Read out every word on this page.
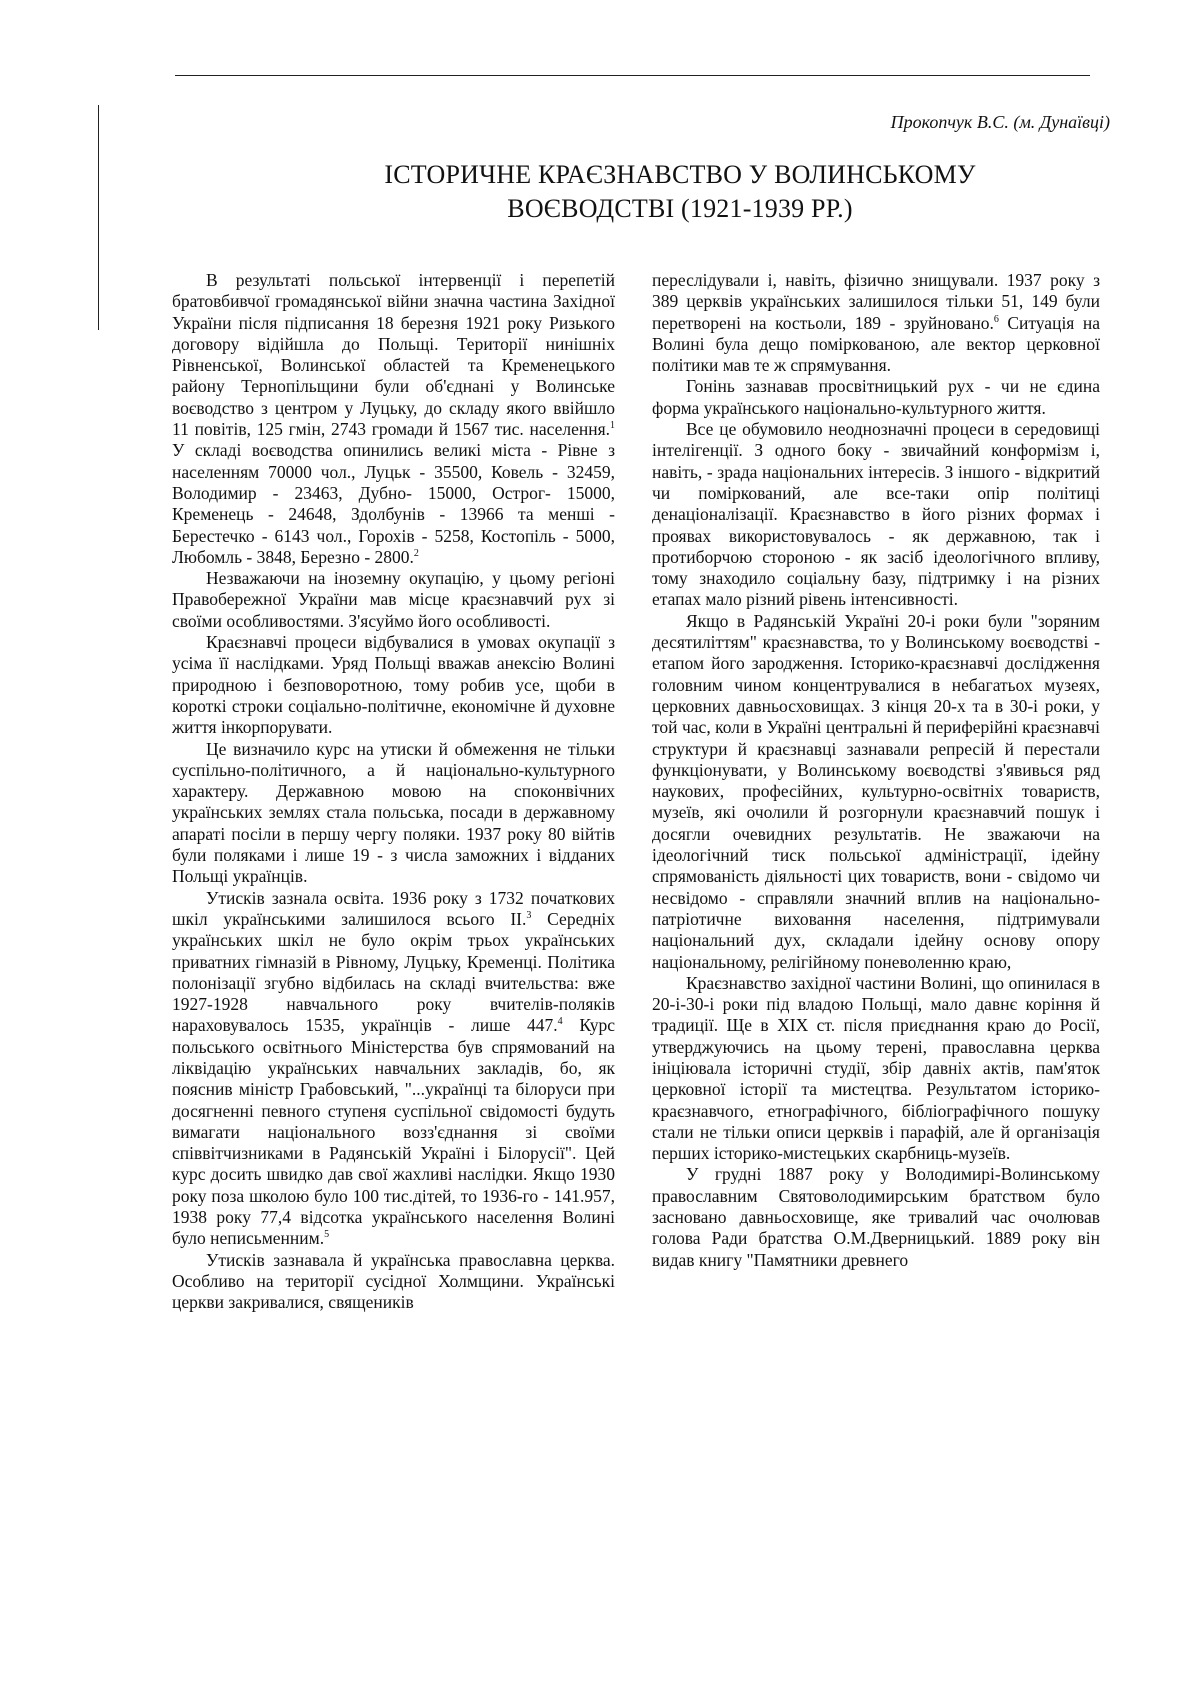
Прокопчук В.С. (м. Дунаївці)
ІСТОРИЧНЕ КРАЄЗНАВСТВО У ВОЛИНСЬКОМУ
ВОЄВОДСТВІ (1921-1939 РР.)

В результаті польської інтервенції і перепетій братовбивчої громадянської війни значна частина Західної України після підписання 18 березня 1921 року Ризького договору відійшла до Польщі. Території нинішніх Рівненської, Волинської областей та Кременецького району Тернопільщини були об'єднані у Волинське воєводство з центром у Луцьку, до складу якого ввійшло 11 повітів, 125 гмін, 2743 громади й 1567 тис. населення.$^1$ У складі воєводства опинились великі міста - Рівне з населенням 70000 чол., Луцьк - 35500, Ковель - 32459, Володимир - 23463, Дубно- 15000, Острог- 15000, Кременець - 24648, Здолбунів - 13966 та менші - Берестечко - 6143 чол., Горохів - 5258, Костопіль - 5000, Любомль - 3848, Березно - 2800.$^2$

Незважаючи на іноземну окупацію, у цьому регіоні Правобережної України мав місце краєзнавчий рух зі своїми особливостями. З'ясуймо його особливості.

Краєзнавчі процеси відбувалися в умовах окупації з усіма її наслідками. Уряд Польщі вважав анексію Волині природною і безповоротною, тому робив усе, щоби в короткі строки соціально-політичне, економічне й духовне життя інкорпорувати.

Це визначило курс на утиски й обмеження не тільки суспільно-політичного, а й національно-культурного характеру. Державною мовою на споконвічних українських землях стала польська, посади в державному апараті посіли в першу чергу поляки. 1937 року 80 війтів були поляками і лише 19 - з числа заможних і відданих Польщі українців.

Утисків зазнала освіта. 1936 року з 1732 початкових шкіл українськими залишилося всього ІІ.$^3$ Середніх українських шкіл не було окрім трьох українських приватних гімназій в Рівному, Луцьку, Кременці. Політика полонізації згубно відбилась на складі вчительства: вже 1927-1928 навчального року вчителів-поляків нараховувалось 1535, українців - лише 447.$^4$ Курс польського освітнього Міністерства був спрямований на ліквідацію українських навчальних закладів, бо, як пояснив міністр Грабовський, "...українці та білоруси при досягненні певного ступеня суспільної свідомості будуть вимагати національного возз'єднання зі своїми співвітчизниками в Радянській Україні і Білорусії". Цей курс досить швидко дав свої жахливі наслідки. Якщо 1930 року поза школою було 100 тис.дітей, то 1936-го - 141.957, 1938 року 77,4 відсотка українського населення Волині було неписьменним.$^5$

Утисків зазнавала й українська православна церква. Особливо на території сусідної Холмщини. Українські церкви закривалися, священиків

переслідували і, навіть, фізично знищували. 1937 року з 389 церквів українських залишилося тільки 51, 149 були перетворені на костьоли, 189 - зруйновано.$^6$ Ситуація на Волині була дещо поміркованою, але вектор церковної політики мав те ж спрямування.

Гонінь зазнавав просвітницький рух - чи не єдина форма українського національно-культурного життя.

Все це обумовило неоднозначні процеси в середовищі інтелігенції. З одного боку - звичайний конформізм і, навіть, - зрада національних інтересів. З іншого - відкритий чи поміркований, але все-таки опір політиці денаціоналізації. Краєзнавство в його різних формах і проявах використовувалось - як державною, так і протиборчою стороною - як засіб ідеологічного впливу, тому знаходило соціальну базу, підтримку і на різних етапах мало різний рівень інтенсивності.

Якщо в Радянській Україні 20-і роки були "зоряним десятиліттям" краєзнавства, то у Волинському воєводстві - етапом його зародження. Історико-краєзнавчі дослідження головним чином концентрувалися в небагатьох музеях, церковних давньосховищах. З кінця 20-х та в 30-і роки, у той час, коли в Україні центральні й периферійні краєзнавчі структури й краєзнавці зазнавали репресій й перестали функціонувати, у Волинському воєводстві з'явивься ряд наукових, професійних, культурно-освітніх товариств, музеїв, які очолили й розгорнули краєзнавчий пошук і досягли очевидних результатів. Не зважаючи на ідеологічний тиск польської адміністрації, ідейну спрямованість діяльності цих товариств, вони - свідомо чи несвідомо - справляли значний вплив на національно-патріотичне виховання населення, підтримували національний дух, складали ідейну основу опору національному, релігійному поневоленню краю,

Краєзнавство західної частини Волині, що опинилася в 20-і-30-і роки під владою Польщі, мало давнє коріння й традиції. Ще в XIX ст. після приєднання краю до Росії, утверджуючись на цьому терені, православна церква ініціювала історичні студії, збір давніх актів, пам'яток церковної історії та мистецтва. Результатом історико-краєзнавчого, етнографічного, бібліографічного пошуку стали не тільки описи церквів і парафій, але й організація перших історико-мистецьких скарбниць-музеїв.

У грудні 1887 року у Володимирі-Волинському православним Святоволодимирським братством було засновано давньосховище, яке тривалий час очолював голова Ради братства О.М.Дверницький. 1889 року він видав книгу "Памятники древнего
